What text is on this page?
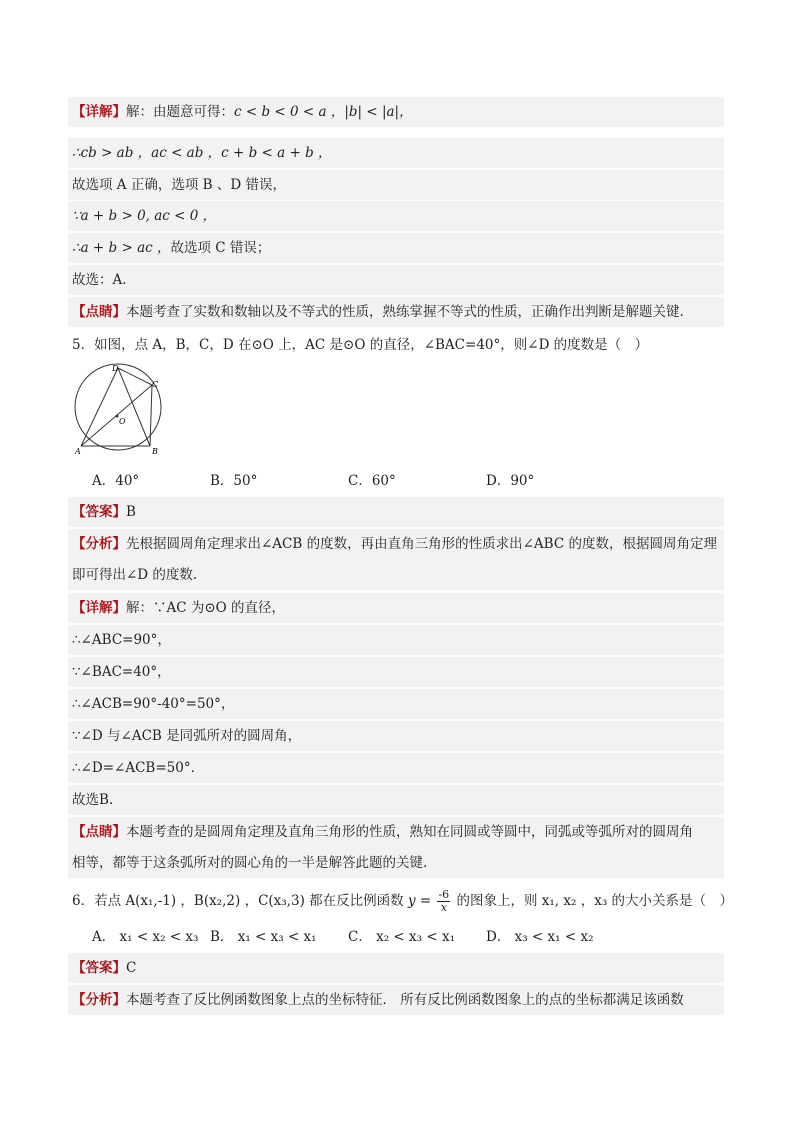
【详解】解：由题意可得：c < b < 0 < a ，|b| < |a|，
∴cb > ab ，ac < ab ，c + b < a + b ，
故选项 A 正确，选项 B 、D 错误，
∵a + b > 0, ac < 0 ，
∴a + b > ac ，故选项 C 错误；
故选：A.
【点睛】本题考查了实数和数轴以及不等式的性质，熟练掌握不等式的性质，正确作出判断是解题关键.
5．如图，点 A，B，C，D 在⊙O 上，AC 是⊙O 的直径，∠BAC=40°，则∠D 的度数是（　）
D
C
O
A	B
A．40°	B．50°	C．60°	D．90°
【答案】B
【分析】先根据圆周角定理求出∠ACB 的度数，再由直角三角形的性质求出∠ABC 的度数，根据圆周角定理
即可得出∠D 的度数.
【详解】解：∵AC 为⊙O 的直径，
∴∠ABC=90°，
∵∠BAC=40°，
∴∠ACB=90°-40°=50°，
∵∠D 与∠ACB 是同弧所对的圆周角，
∴∠D=∠ACB=50°．
故选B.
【点睛】本题考查的是圆周角定理及直角三角形的性质，熟知在同圆或等圆中，同弧或等弧所对的圆周角
相等，都等于这条弧所对的圆心角的一半是解答此题的关键.
6．若点 A(x₁,-1) ，B(x₂,2) ，C(x₃,3) 都在反比例函数 $y = \frac{-6}{x}$ 的图象上，则 x₁, x₂ ，x₃ 的大小关系是（　）
A． x₁ < x₂ < x₃ B． x₁ < x₃ < x₁ C． x₂ < x₃ < x₁ D． x₃ < x₁ < x₂
【答案】C
【分析】本题考查了反比例函数图象上点的坐标特征． 所有反比例函数图象上的点的坐标都满足该函数
